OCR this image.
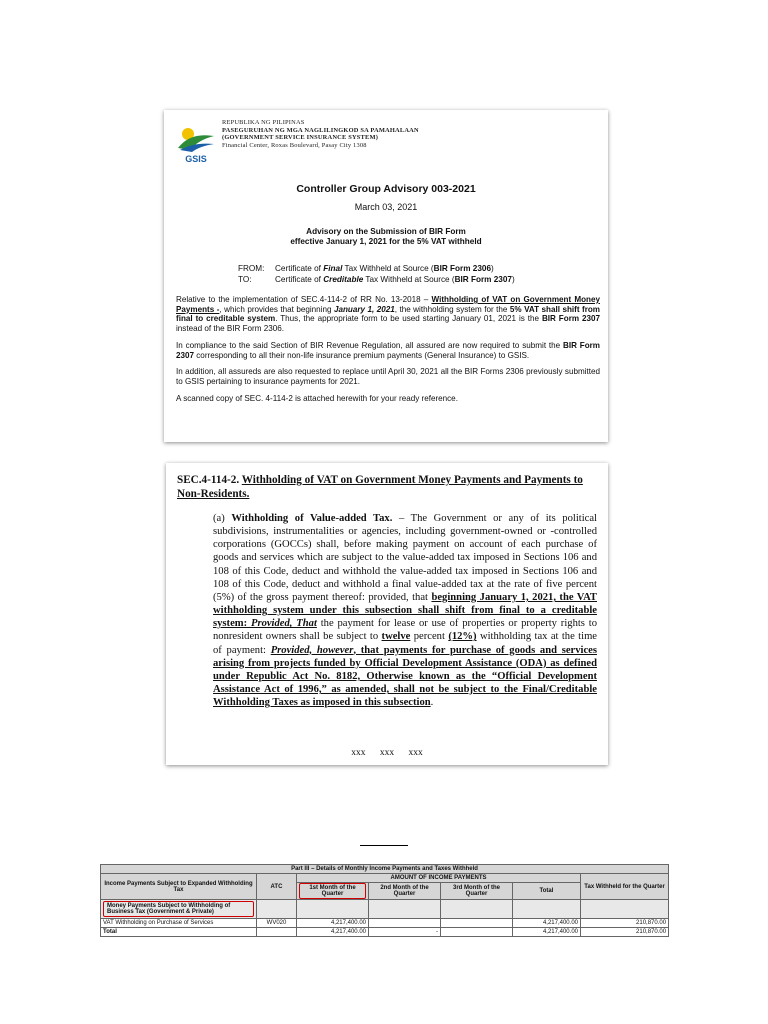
GSIS
REPUBLIKA NG PILIPINAS
PASEGURUHAN NG MGA NAGLILINGKOD SA PAMAHALAAN
(GOVERNMENT SERVICE INSURANCE SYSTEM)
Financial Center, Roxas Boulevard, Pasay City 1308
Controller Group Advisory 003-2021
March 03, 2021
Advisory on the Submission of BIR Form
effective January 1, 2021 for the 5% VAT withheld
FROM: Certificate of Final Tax Withheld at Source (BIR Form 2306)
TO:	Certificate of Creditable Tax Withheld at Source (BIR Form 2307)

Relative to the implementation of SEC.4-114-2 of RR No. 13-2018 – Withholding of VAT on Government Money Payments -, which provides that beginning January 1, 2021, the withholding system for the 5% VAT shall shift from final to creditable system. Thus, the appropriate form to be used starting January 01, 2021 is the BIR Form 2307 instead of the BIR Form 2306.

In compliance to the said Section of BIR Revenue Regulation, all assured are now required to submit the BIR Form 2307 corresponding to all their non-life insurance premium payments (General Insurance) to GSIS.

In addition, all assureds are also requested to replace until April 30, 2021 all the BIR Forms 2306 previously submitted to GSIS pertaining to insurance payments for 2021.

A scanned copy of SEC. 4-114-2 is attached herewith for your ready reference.

SEC.4-114-2. Withholding of VAT on Government Money Payments and Payments to Non-Residents.
(a) Withholding of Value-added Tax. – The Government or any of its political subdivisions, instrumentalities or agencies, including government-owned or -controlled corporations (GOCCs) shall, before making payment on account of each purchase of goods and services which are subject to the value-added tax imposed in Sections 106 and 108 of this Code, deduct and withhold the value-added tax imposed in Sections 106 and 108 of this Code, deduct and withhold a final value-added tax at the rate of five percent (5%) of the gross payment thereof: provided, that beginning January 1, 2021, the VAT withholding system under this subsection shall shift from final to a creditable system: Provided, That the payment for lease or use of properties or property rights to nonresident owners shall be subject to twelve percent (12%) withholding tax at the time of payment: Provided, however, that payments for purchase of goods and services arising from projects funded by Official Development Assistance (ODA) as defined under Republic Act No. 8182, Otherwise known as the “Official Development Assistance Act of 1996,” as amended, shall not be subject to the Final/Creditable Withholding Taxes as imposed in this subsection.
xxx xxx xxx
Part III – Details of Monthly Income Payments and Taxes Withheld						
Income Payments Subject to Expanded Withholding Tax	ATC	AMOUNT OF INCOME PAYMENTS				Tax Withheld for the Quarter
		1st Month of the Quarter	2nd Month of the Quarter	3rd Month of the Quarter	Total	
Money Payments Subject to Withholding of Business Tax (Government & Private)						
VAT Withholding on Purchase of Services	WV020	4,217,400.00			4,217,400.00	210,870.00
Total		4,217,400.00	-		4,217,400.00	210,870.00
